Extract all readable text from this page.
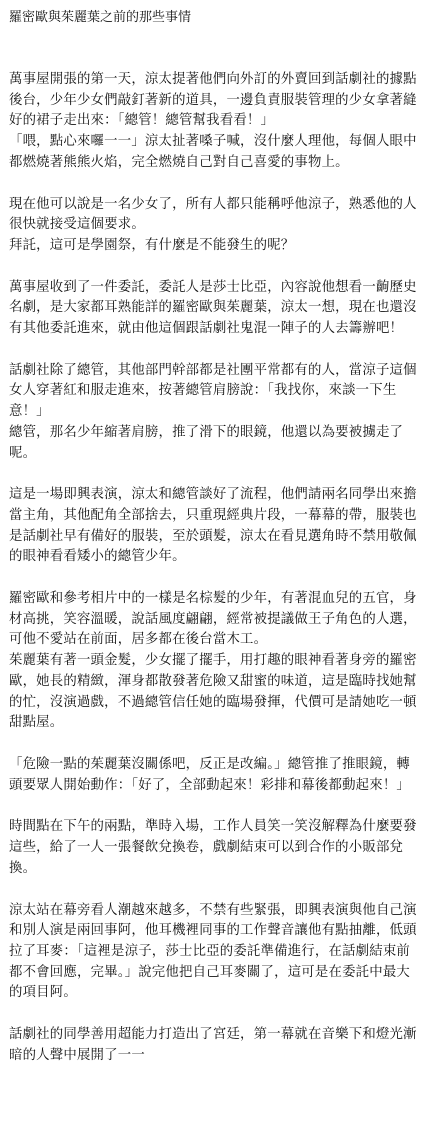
羅密歐與茱麗葉之前的那些事情
萬事屋開張的第一天，涼太提著他們向外訂的外賣回到話劇社的據點
後台，少年少女們敲釘著新的道具，一邊負責服裝管理的少女拿著縫
好的裙子走出來：「總管！總管幫我看看！」
「喂，點心來囉一一」涼太扯著嗓子喊，沒什麼人理他，每個人眼中
都燃燒著熊熊火焰，完全燃燒自己對自己喜愛的事物上。
現在他可以說是一名少女了，所有人都只能稱呼他涼子，熟悉他的人
很快就接受這個要求。
拜託，這可是學園祭，有什麼是不能發生的呢？
萬事屋收到了一件委託，委託人是莎士比亞，內容說他想看一齣歷史
名劇，是大家都耳熟能詳的羅密歐與茱麗葉，涼太一想，現在也還沒
有其他委託進來，就由他這個跟話劇社鬼混一陣子的人去籌辦吧！
話劇社除了總管，其他部門幹部都是社團平常都有的人，當涼子這個
女人穿著紅和服走進來，按著總管肩膀說：「我找你，來談一下生
意！」
總管，那名少年縮著肩膀，推了滑下的眼鏡，他還以為要被擄走了
呢。
這是一場即興表演，涼太和總管談好了流程，他們請兩名同學出來擔
當主角，其他配角全部捨去，只重現經典片段，一幕幕的帶，服裝也
是話劇社早有備好的服裝，至於頭髮，涼太在看見選角時不禁用敬佩
的眼神看看矮小的總管少年。
羅密歐和參考相片中的一樣是名棕髮的少年，有著混血兒的五官，身
材高挑，笑容溫暖，說話風度翩翩，經常被提議做王子角色的人選，
可他不愛站在前面，居多都在後台當木工。
茱麗葉有著一頭金髮，少女擺了擺手，用打趣的眼神看著身旁的羅密
歐，她長的精緻，渾身都散發著危險又甜蜜的味道，這是臨時找她幫
的忙，沒演過戲，不過總管信任她的臨場發揮，代價可是請她吃一頓
甜點屋。
「危險一點的茱麗葉沒關係吧，反正是改編。」總管推了推眼鏡，轉
頭要眾人開始動作：「好了，全部動起來！彩排和幕後都動起來！」
時間點在下午的兩點，準時入場，工作人員笑一笑沒解釋為什麼要發
這些，給了一人一張餐飲兌換卷，戲劇結束可以到合作的小販部兌
換。
涼太站在幕旁看人潮越來越多，不禁有些緊張，即興表演與他自己演
和別人演是兩回事阿，他耳機裡同事的工作聲音讓他有點抽離，低頭
拉了耳麥：「這裡是涼子，莎士比亞的委託準備進行，在話劇結束前
都不會回應，完畢。」說完他把自己耳麥關了，這可是在委託中最大
的項目阿。
話劇社的同學善用超能力打造出了宮廷，第一幕就在音樂下和燈光漸
暗的人聲中展開了一一
